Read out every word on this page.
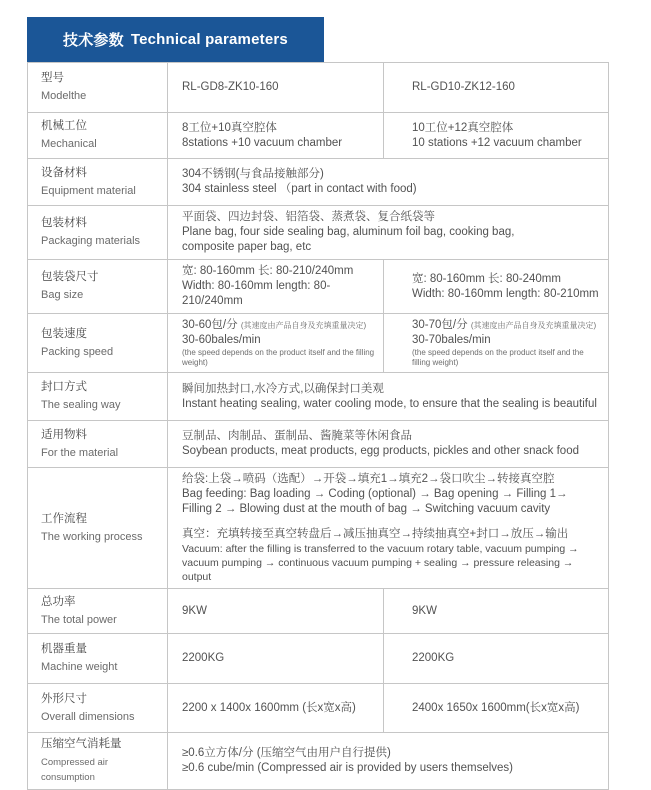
技术参数 Technical parameters
型号
Modelthe	RL-GD8-ZK10-160	RL-GD10-ZK12-160

机械工位
Mechanical

8工位+10真空腔体
8stations +10 vacuum chamber

10工位+12真空腔体
10 stations +12 vacuum chamber

设备材料
Equipment material

304不锈钢(与食品接触部分)
304 stainless steel （part in contact with food)

包装材料
Packaging materials

平面袋、四边封袋、铝箔袋、蒸煮袋、复合纸袋等
Plane bag, four side sealing bag, aluminum foil bag, cooking bag,
composite paper bag, etc

包装袋尺寸
Bag size

宽: 80-160mm 长: 80-210/240mm
Width: 80-160mm length: 80-210/240mm

宽: 80-160mm 长: 80-240mm
Width: 80-160mm length: 80-210mm

包装速度
Packing speed

30-60包/分 (其速度由产品自身及充填重量决定)
30-60bales/min
(the speed depends on the product itself and the filling weight)

30-70包/分 (其速度由产品自身及充填重量决定)
30-70bales/min
(the speed depends on the product itself and the filling weight)

封口方式
The sealing way

瞬间加热封口,水冷方式,以确保封口美观
Instant heating sealing, water cooling mode, to ensure that the sealing is beautiful

适用物料
For the material

豆制品、肉制品、蛋制品、酱腌菜等休闲食品
Soybean products, meat products, egg products, pickles and other snack food

工作流程
The working process

给袋:上袋→喷码（选配）→开袋→填充1→填充2→袋口吹尘→转接真空腔
Bag feeding: Bag loading → Coding (optional) → Bag opening → Filling 1→ Filling 2 → Blowing dust at the mouth of bag → Switching vacuum cavity
真空：充填转接至真空转盘后→减压抽真空→持续抽真空+封口→放压→输出
Vacuum: after the filling is transferred to the vacuum rotary table, vacuum pumping → vacuum pumping → continuous vacuum pumping + sealing → pressure releasing → output

总功率
The total power	9KW	9KW

机器重量
Machine weight	2200KG	2200KG

外形尺寸
Overall dimensions	2200 x 1400x 1600mm (长x宽x高)	2400x 1650x 1600mm(长x宽x高)

压缩空气消耗量
Compressed air consumption

≥0.6立方体/分 (压缩空气由用户自行提供)
≥0.6 cube/min (Compressed air is provided by users themselves)
